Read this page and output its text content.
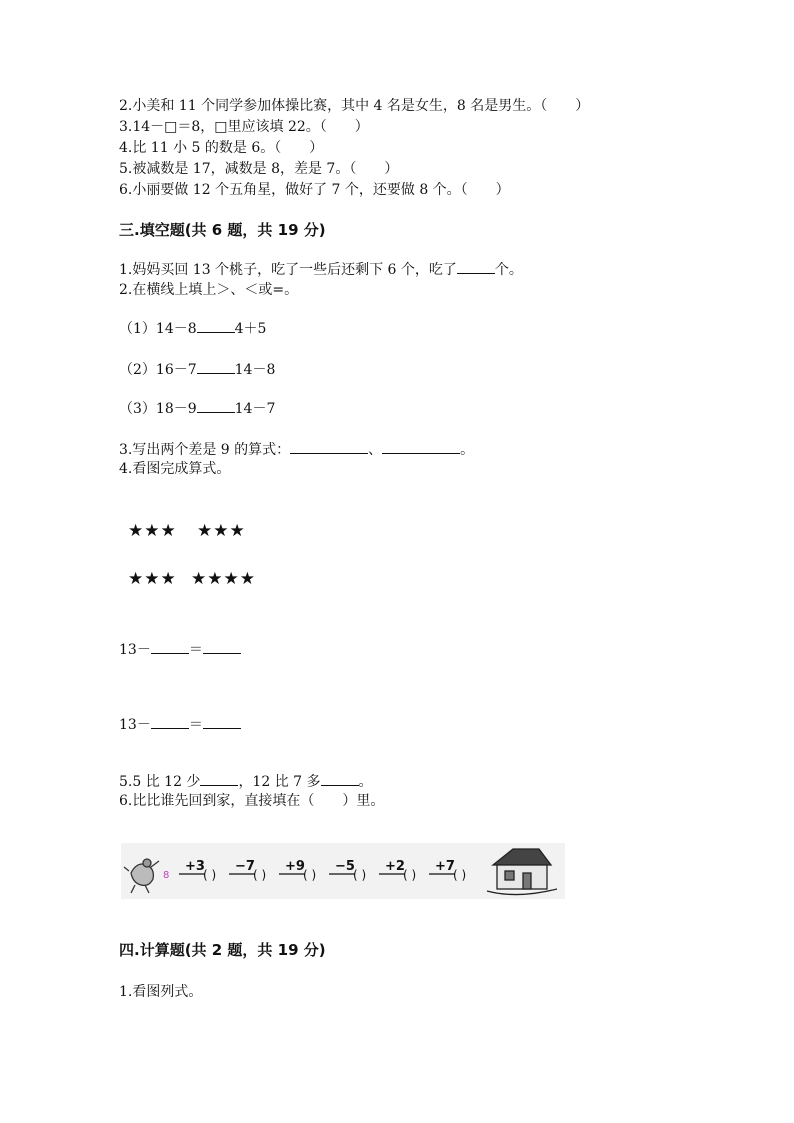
2.小美和 11 个同学参加体操比赛，其中 4 名是女生，8 名是男生。（　　）
3.14－□＝8，□里应该填 22。（　　）
4.比 11 小 5 的数是 6。（　　）
5.被减数是 17，减数是 8，差是 7。（　　）
6.小丽要做 12 个五角星，做好了 7 个，还要做 8 个。（　　）
三.填空题(共 6 题，共 19 分)
1.妈妈买回 13 个桃子，吃了一些后还剩下 6 个，吃了	个。
2.在横线上填上＞、＜或=。
（1）14－8	4＋5
（2）16－7	14－8
（3）18－9	14－7
3.写出两个差是 9 的算式：	、	。
4.看图完成算式。
★★★ ★★★
★★★ ★★★★
13－	＝
13－	＝
5.5 比 12 少	，12 比 7 多	。
6.比比谁先回到家，直接填在（　　）里。
8
+3
( )
−7
( )
+9
( )
−5
( )
+2
( )
+7
( )
四.计算题(共 2 题，共 19 分)
1.看图列式。
